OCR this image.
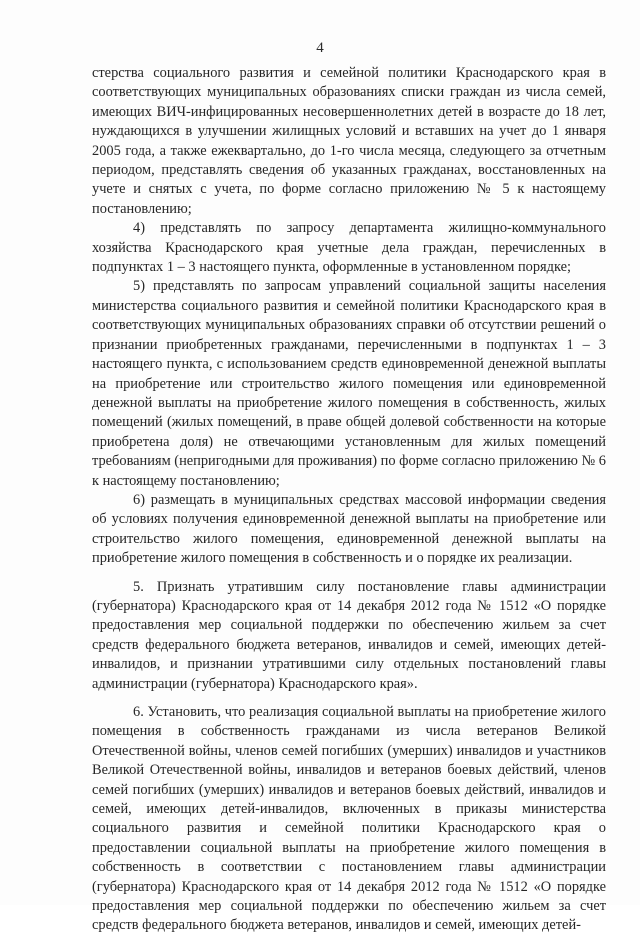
4

стерства социального развития и семейной политики Краснодарского края в соответствующих муниципальных образованиях списки граждан из числа семей, имеющих ВИЧ-инфицированных несовершеннолетних детей в возрасте до 18 лет, нуждающихся в улучшении жилищных условий и вставших на учет до 1 января 2005 года, а также ежеквартально, до 1-го числа месяца, следующего за отчетным периодом, представлять сведения об указанных гражданах, восстановленных на учете и снятых с учета, по форме согласно приложению № 5 к настоящему постановлению;

4) представлять по запросу департамента жилищно-коммунального хозяйства Краснодарского края учетные дела граждан, перечисленных в подпунктах 1 – 3 настоящего пункта, оформленные в установленном порядке;

5) представлять по запросам управлений социальной защиты населения министерства социального развития и семейной политики Краснодарского края в соответствующих муниципальных образованиях справки об отсутствии решений о признании приобретенных гражданами, перечисленными в подпунктах 1 – 3 настоящего пункта, с использованием средств единовременной денежной выплаты на приобретение или строительство жилого помещения или единовременной денежной выплаты на приобретение жилого помещения в собственность, жилых помещений (жилых помещений, в праве общей долевой собственности на которые приобретена доля) не отвечающими установленным для жилых помещений требованиям (непригодными для проживания) по форме согласно приложению № 6 к настоящему постановлению;

6) размещать в муниципальных средствах массовой информации сведения об условиях получения единовременной денежной выплаты на приобретение или строительство жилого помещения, единовременной денежной выплаты на приобретение жилого помещения в собственность и о порядке их реализации.

5. Признать утратившим силу постановление главы администрации (губернатора) Краснодарского края от 14 декабря 2012 года № 1512 «О порядке предоставления мер социальной поддержки по обеспечению жильем за счет средств федерального бюджета ветеранов, инвалидов и семей, имеющих детей-инвалидов, и признании утратившими силу отдельных постановлений главы администрации (губернатора) Краснодарского края».

6. Установить, что реализация социальной выплаты на приобретение жилого помещения в собственность гражданами из числа ветеранов Великой Отечественной войны, членов семей погибших (умерших) инвалидов и участников Великой Отечественной войны, инвалидов и ветеранов боевых действий, членов семей погибших (умерших) инвалидов и ветеранов боевых действий, инвалидов и семей, имеющих детей-инвалидов, включенных в приказы министерства социального развития и семейной политики Краснодарского края о предоставлении социальной выплаты на приобретение жилого помещения в собственность в соответствии с постановлением главы администрации (губернатора) Краснодарского края от 14 декабря 2012 года № 1512 «О порядке предоставления мер социальной поддержки по обеспечению жильем за счет средств федерального бюджета ветеранов, инвалидов и семей, имеющих детей-
